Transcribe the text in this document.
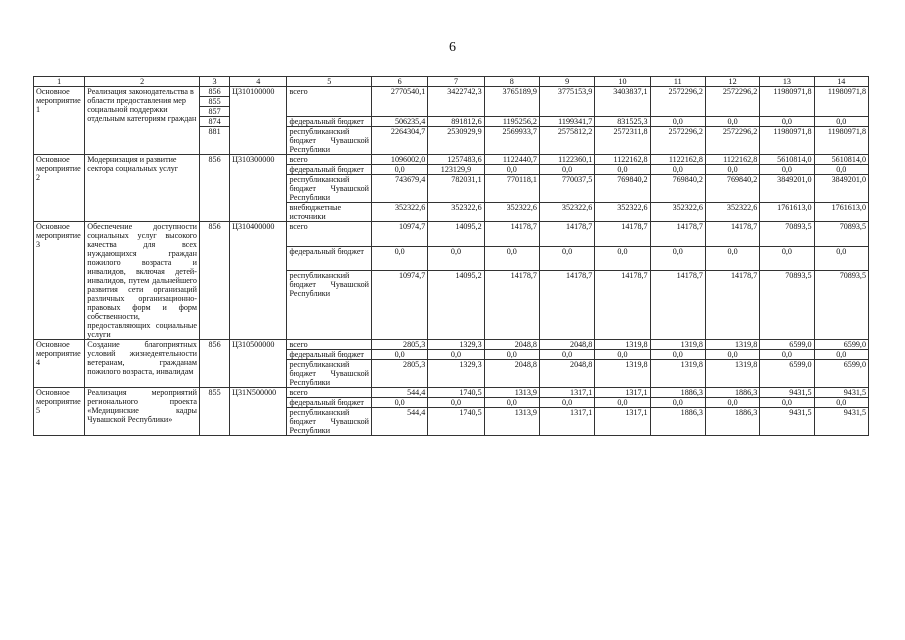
6
1	2	3	4	5	6	7	8	9	10	11	12	13	14
Основное мероприятие 1	Реализация законодательства в области предоставления мер социальной поддержки отдельным категориям граждан	856	Ц310100000	всего	2770540,1	3422742,3	3765189,9	3775153,9	3403837,1	2572296,2	2572296,2	11980971,8	11980971,8
		855											
		857											
		874		федеральный бюджет	506235,4	891812,6	1195256,2	1199341,7	831525,3	0,0	0,0	0,0	0,0
		881		республиканский бюджет Чувашской Республики	2264304,7	2530929,9	2569933,7	2575812,2	2572311,8	2572296,2	2572296,2	11980971,8	11980971,8
Основное мероприятие 2	Модернизация и развитие сектора социальных услуг	856	Ц310300000	всего	1096002,0	1257483,6	1122440,7	1122360,1	1122162,8	1122162,8	1122162,8	5610814,0	5610814,0
				федеральный бюджет	0,0	123129,9	0,0	0,0	0,0	0,0	0,0	0,0	0,0
				республиканский бюджет Чувашской Республики	743679,4	782031,1	770118,1	770037,5	769840,2	769840,2	769840,2	3849201,0	3849201,0
				внебюджетные источники	352322,6	352322,6	352322,6	352322,6	352322,6	352322,6	352322,6	1761613,0	1761613,0
Основное мероприятие 3	Обеспечение доступности социальных услуг высокого качества для всех нуждающихся граждан пожилого возраста и инвалидов, включая детей-инвалидов, путем дальнейшего развития сети организаций различных организационно-правовых форм и форм собственности, предоставляющих социальные услуги	856	Ц310400000	всего	10974,7	14095,2	14178,7	14178,7	14178,7	14178,7	14178,7	70893,5	70893,5
				федеральный бюджет	0,0	0,0	0,0	0,0	0,0	0,0	0,0	0,0	0,0
				республиканский бюджет Чувашской Республики	10974,7	14095,2	14178,7	14178,7	14178,7	14178,7	14178,7	70893,5	70893,5
Основное мероприятие 4	Создание благоприятных условий жизнедеятельности ветеранам, гражданам пожилого возраста, инвалидам	856	Ц310500000	всего	2805,3	1329,3	2048,8	2048,8	1319,8	1319,8	1319,8	6599,0	6599,0
				федеральный бюджет	0,0	0,0	0,0	0,0	0,0	0,0	0,0	0,0	0,0
				республиканский бюджет Чувашской Республики	2805,3	1329,3	2048,8	2048,8	1319,8	1319,8	1319,8	6599,0	6599,0
Основное мероприятие 5	Реализация мероприятий регионального проекта «Медицинские кадры Чувашской Республики»	855	Ц31N500000	всего	544,4	1740,5	1313,9	1317,1	1317,1	1886,3	1886,3	9431,5	9431,5
				федеральный бюджет	0,0	0,0	0,0	0,0	0,0	0,0	0,0	0,0	0,0
				республиканский бюджет Чувашской Республики	544,4	1740,5	1313,9	1317,1	1317,1	1886,3	1886,3	9431,5	9431,5
